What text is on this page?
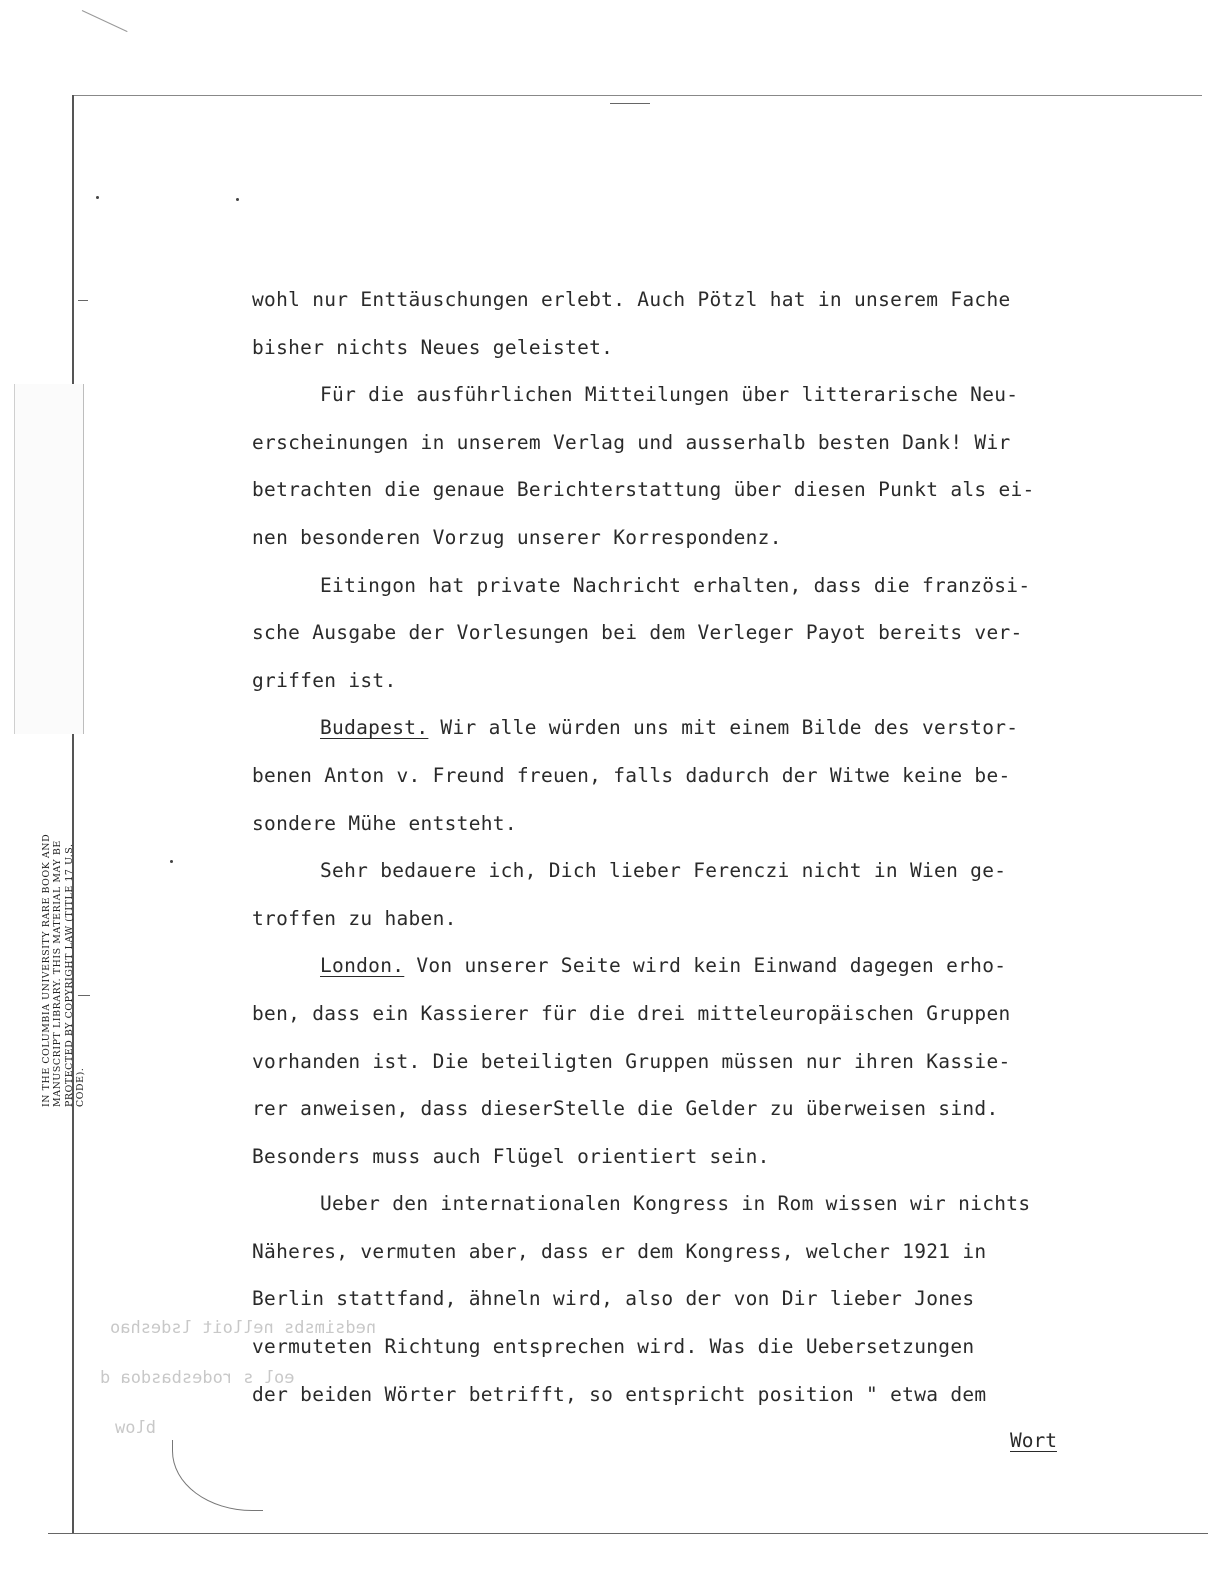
nedsimsbs nelloit lsdeshao
eol s rodesbasdoa d
blow
IN THE COLUMBIA UNIVERSITY RARE BOOK AND
MANUSCRIPT LIBRARY. THIS MATERIAL MAY BE
PROTECTED BY COPYRIGHT LAW (TITLE 17 U.S.
CODE).
wohl nur Enttäuschungen erlebt. Auch Pötzl hat in unserem Fache
bisher nichts Neues geleistet.
Für die ausführlichen Mitteilungen über litterarische Neu-
erscheinungen in unserem Verlag und ausserhalb besten Dank! Wir
betrachten die genaue Berichterstattung über diesen Punkt als ei-
nen besonderen Vorzug unserer Korrespondenz.
Eitingon hat private Nachricht erhalten, dass die französi-
sche Ausgabe der Vorlesungen bei dem Verleger Payot bereits ver-
griffen ist.
Budapest. Wir alle würden uns mit einem Bilde des verstor-
benen Anton v. Freund freuen, falls dadurch der Witwe keine be-
sondere Mühe entsteht.
Sehr bedauere ich, Dich lieber Ferenczi nicht in Wien ge-
troffen zu haben.
London. Von unserer Seite wird kein Einwand dagegen erho-
ben, dass ein Kassierer für die drei mitteleuropäischen Gruppen
vorhanden ist. Die beteiligten Gruppen müssen nur ihren Kassie-
rer anweisen, dass dieserStelle die Gelder zu überweisen sind.
Besonders muss auch Flügel orientiert sein.
Ueber den internationalen Kongress in Rom wissen wir nichts
Näheres, vermuten aber, dass er dem Kongress, welcher 1921 in
Berlin stattfand, ähneln wird, also der von Dir lieber Jones
vermuteten Richtung entsprechen wird. Was die Uebersetzungen
der beiden Wörter betrifft, so entspricht position " etwa dem
Wort
